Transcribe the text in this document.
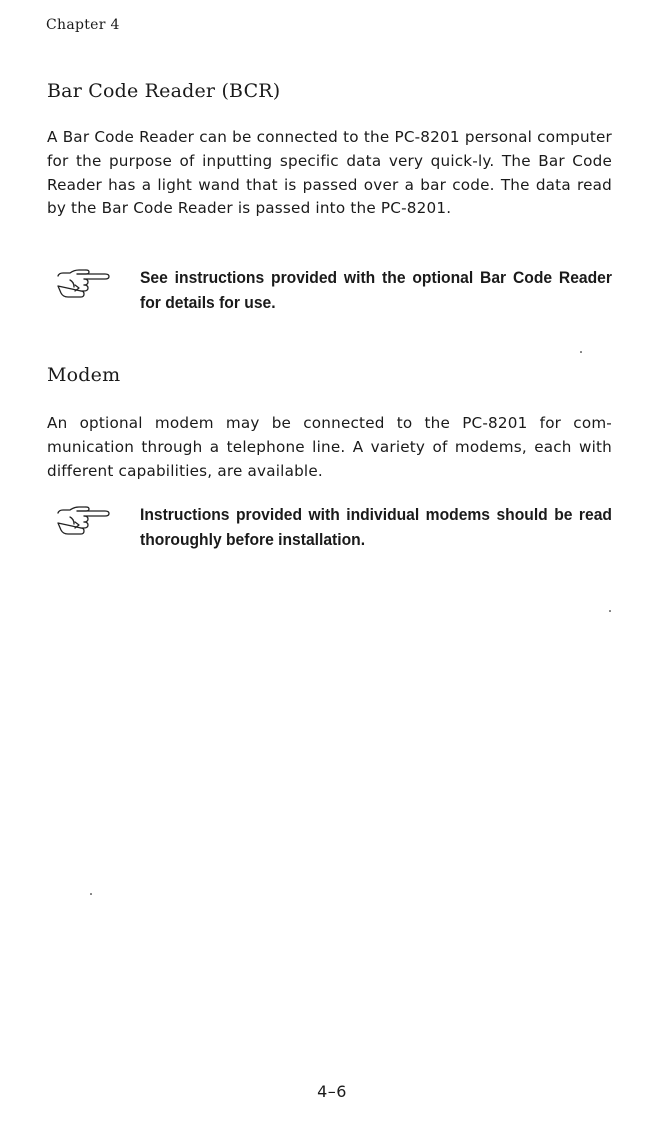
Chapter 4
Bar Code Reader (BCR)

A Bar Code Reader can be connected to the PC-8201 personal computer for the purpose of inputting specific data very quick-ly. The Bar Code Reader has a light wand that is passed over a bar code. The data read by the Bar Code Reader is passed into the PC-8201.

See instructions provided with the optional Bar Code Reader for details for use.

Modem

An optional modem may be connected to the PC-8201 for com-munication through a telephone line. A variety of modems, each with different capabilities, are available.

Instructions provided with individual modems should be read thoroughly before installation.

4–6
